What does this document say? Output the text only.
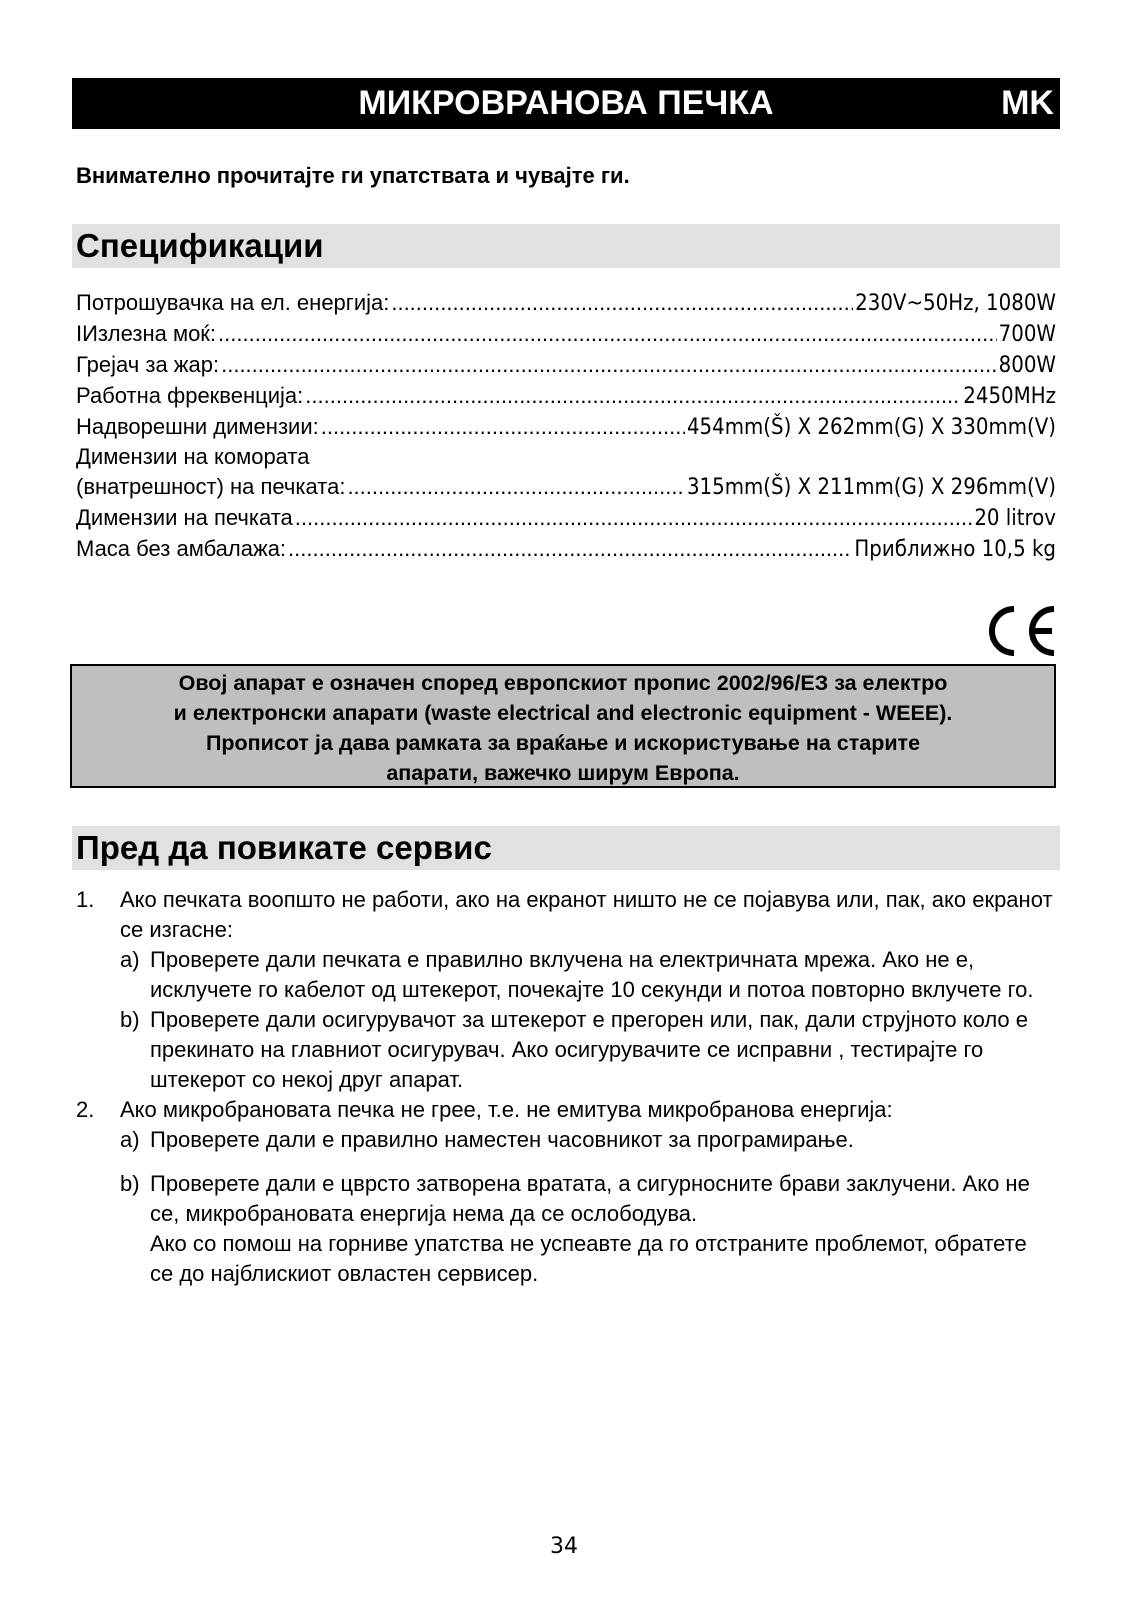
МИКРОВРАНОВА ПЕЧКА	MK
Внимателно прочитајте ги упатствата и чувајте ги.
Спецификации
Потрошувачка на ел. енергија: .....	230V~50Hz, 1080W
IИзлезна моќ: .....	700W
Грејач за жар: .....	800W
Работна фреквенција: .....	2450MHz
Надворешни димензии: .....	454mm(Š) X 262mm(G) X 330mm(V)
Димензии на комората
(внатрешност) на печката: .....	315mm(Š) X 211mm(G) X 296mm(V)
Димензии на печката .....	20 litrov
Маса без амбалажа: .....	Приближно 10,5 kg
Овој апарат е означен според европскиот пропис 2002/96/EЗ за електро
и електронски апарати (waste electrical and electronic equipment - WEEE).
Прописот ја дава рамката за враќање и искористување на старите
апарати, важечко ширум Европа.
Пред да повикате сервис
1. Ако печката воопшто не работи, ако на екранот ништо не се појавува или, пак, ако екранот се изгасне:
a) Проверете дали печката е правилно вклучена на електричната мрежа. Ако не е, исклучете го кабелот од штекерот, почекајте 10 секунди и потоа повторно вклучете го.
b) Проверете дали осигурувачот за штекерот е прегорен или, пак, дали струјното коло е прекинато на главниот осигурувач. Ако осигурувачите се исправни , тестирајте го штекерот со некој друг апарат.
2. Ако микробрановата печка не грее, т.е. не емитува микробранова енергија:
a) Проверете дали е правилно наместен часовникот за програмирање.
b) Проверете дали е цврсто затворена вратата, а сигурносните брави заклучени. Ако не се, микробрановата енергија нема да се ослободува.
Ако со помош на горниве упатства не успеавте да го отстраните проблемот, обратете се до најблискиот овластен сервисер.
34
